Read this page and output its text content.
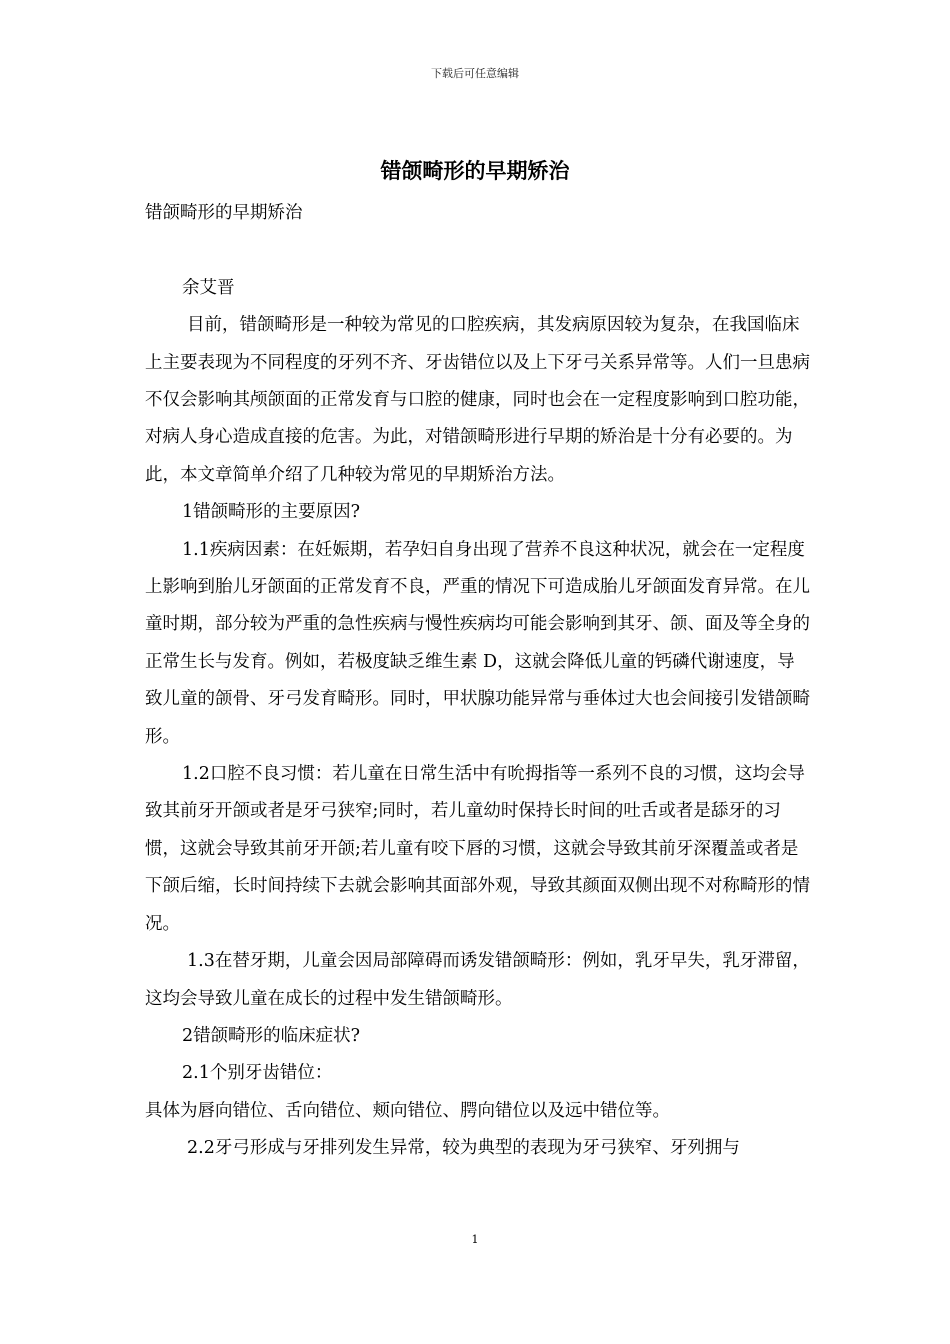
下载后可任意编辑
错颌畸形的早期矫治

错颌畸形的早期矫治

余艾晋

目前，错颌畸形是一种较为常见的口腔疾病，其发病原因较为复杂，在我国临床上主要表现为不同程度的牙列不齐、牙齿错位以及上下牙弓关系异常等。人们一旦患病不仅会影响其颅颌面的正常发育与口腔的健康，同时也会在一定程度影响到口腔功能，对病人身心造成直接的危害。为此，对错颌畸形进行早期的矫治是十分有必要的。为此，本文章简单介绍了几种较为常见的早期矫治方法。

1错颌畸形的主要原因?

1.1疾病因素：在妊娠期，若孕妇自身出现了营养不良这种状况，就会在一定程度上影响到胎儿牙颌面的正常发育不良，严重的情况下可造成胎儿牙颌面发育异常。在儿童时期，部分较为严重的急性疾病与慢性疾病均可能会影响到其牙、颌、面及等全身的正常生长与发育。例如，若极度缺乏维生素 D，这就会降低儿童的钙磷代谢速度，导致儿童的颌骨、牙弓发育畸形。同时，甲状腺功能异常与垂体过大也会间接引发错颌畸形。

1.2口腔不良习惯：若儿童在日常生活中有吮拇指等一系列不良的习惯，这均会导致其前牙开颌或者是牙弓狭窄;同时，若儿童幼时保持长时间的吐舌或者是舔牙的习惯，这就会导致其前牙开颌;若儿童有咬下唇的习惯，这就会导致其前牙深覆盖或者是下颌后缩，长时间持续下去就会影响其面部外观，导致其颜面双侧出现不对称畸形的情况。

1.3在替牙期，儿童会因局部障碍而诱发错颌畸形：例如，乳牙早失，乳牙滞留，这均会导致儿童在成长的过程中发生错颌畸形。

2错颌畸形的临床症状?

2.1个别牙齿错位：

具体为唇向错位、舌向错位、颊向错位、腭向错位以及远中错位等。

2.2牙弓形成与牙排列发生异常，较为典型的表现为牙弓狭窄、牙列拥与

1
